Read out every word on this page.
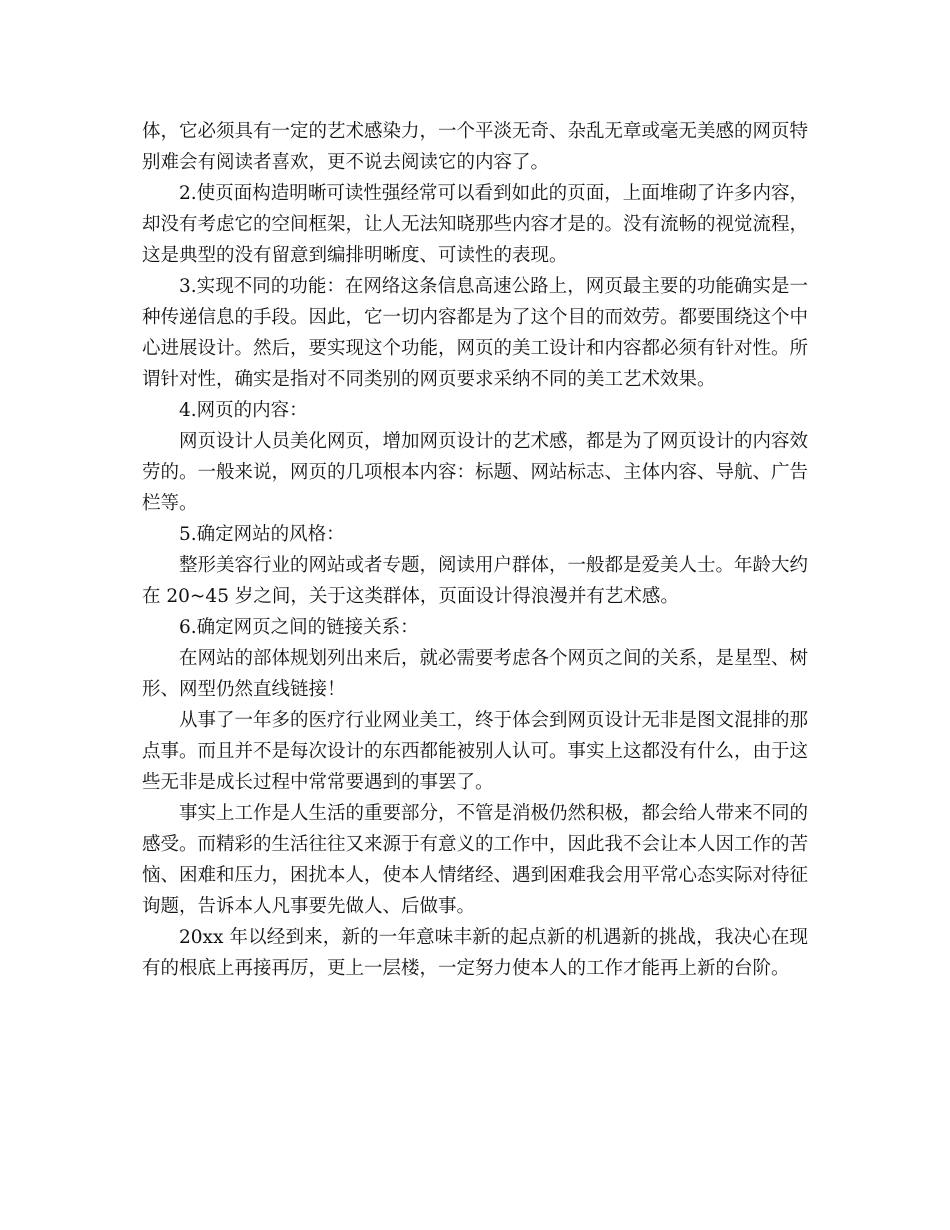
体，它必须具有一定的艺术感染力，一个平淡无奇、杂乱无章或毫无美感的网页特别难会有阅读者喜欢，更不说去阅读它的内容了。

2.使页面构造明晰可读性强经常可以看到如此的页面，上面堆砌了许多内容，却没有考虑它的空间框架，让人无法知晓那些内容才是的。没有流畅的视觉流程，这是典型的没有留意到编排明晰度、可读性的表现。

3.实现不同的功能：在网络这条信息高速公路上，网页最主要的功能确实是一种传递信息的手段。因此，它一切内容都是为了这个目的而效劳。都要围绕这个中心进展设计。然后，要实现这个功能，网页的美工设计和内容都必须有针对性。所谓针对性，确实是指对不同类别的网页要求采纳不同的美工艺术效果。

4.网页的内容：

网页设计人员美化网页，增加网页设计的艺术感，都是为了网页设计的内容效劳的。一般来说，网页的几项根本内容：标题、网站标志、主体内容、导航、广告栏等。

5.确定网站的风格：

整形美容行业的网站或者专题，阅读用户群体，一般都是爱美人士。年龄大约在 20~45 岁之间，关于这类群体，页面设计得浪漫并有艺术感。

6.确定网页之间的链接关系：

在网站的部体规划列出来后，就必需要考虑各个网页之间的关系，是星型、树形、网型仍然直线链接！

从事了一年多的医疗行业网业美工，终于体会到网页设计无非是图文混排的那点事。而且并不是每次设计的东西都能被别人认可。事实上这都没有什么，由于这些无非是成长过程中常常要遇到的事罢了。

事实上工作是人生活的重要部分，不管是消极仍然积极，都会给人带来不同的感受。而精彩的生活往往又来源于有意义的工作中，因此我不会让本人因工作的苦恼、困难和压力，困扰本人，使本人情绪经、遇到困难我会用平常心态实际对待征询题，告诉本人凡事要先做人、后做事。

20xx 年以经到来，新的一年意味丰新的起点新的机遇新的挑战，我决心在现有的根底上再接再厉，更上一层楼，一定努力使本人的工作才能再上新的台阶。
